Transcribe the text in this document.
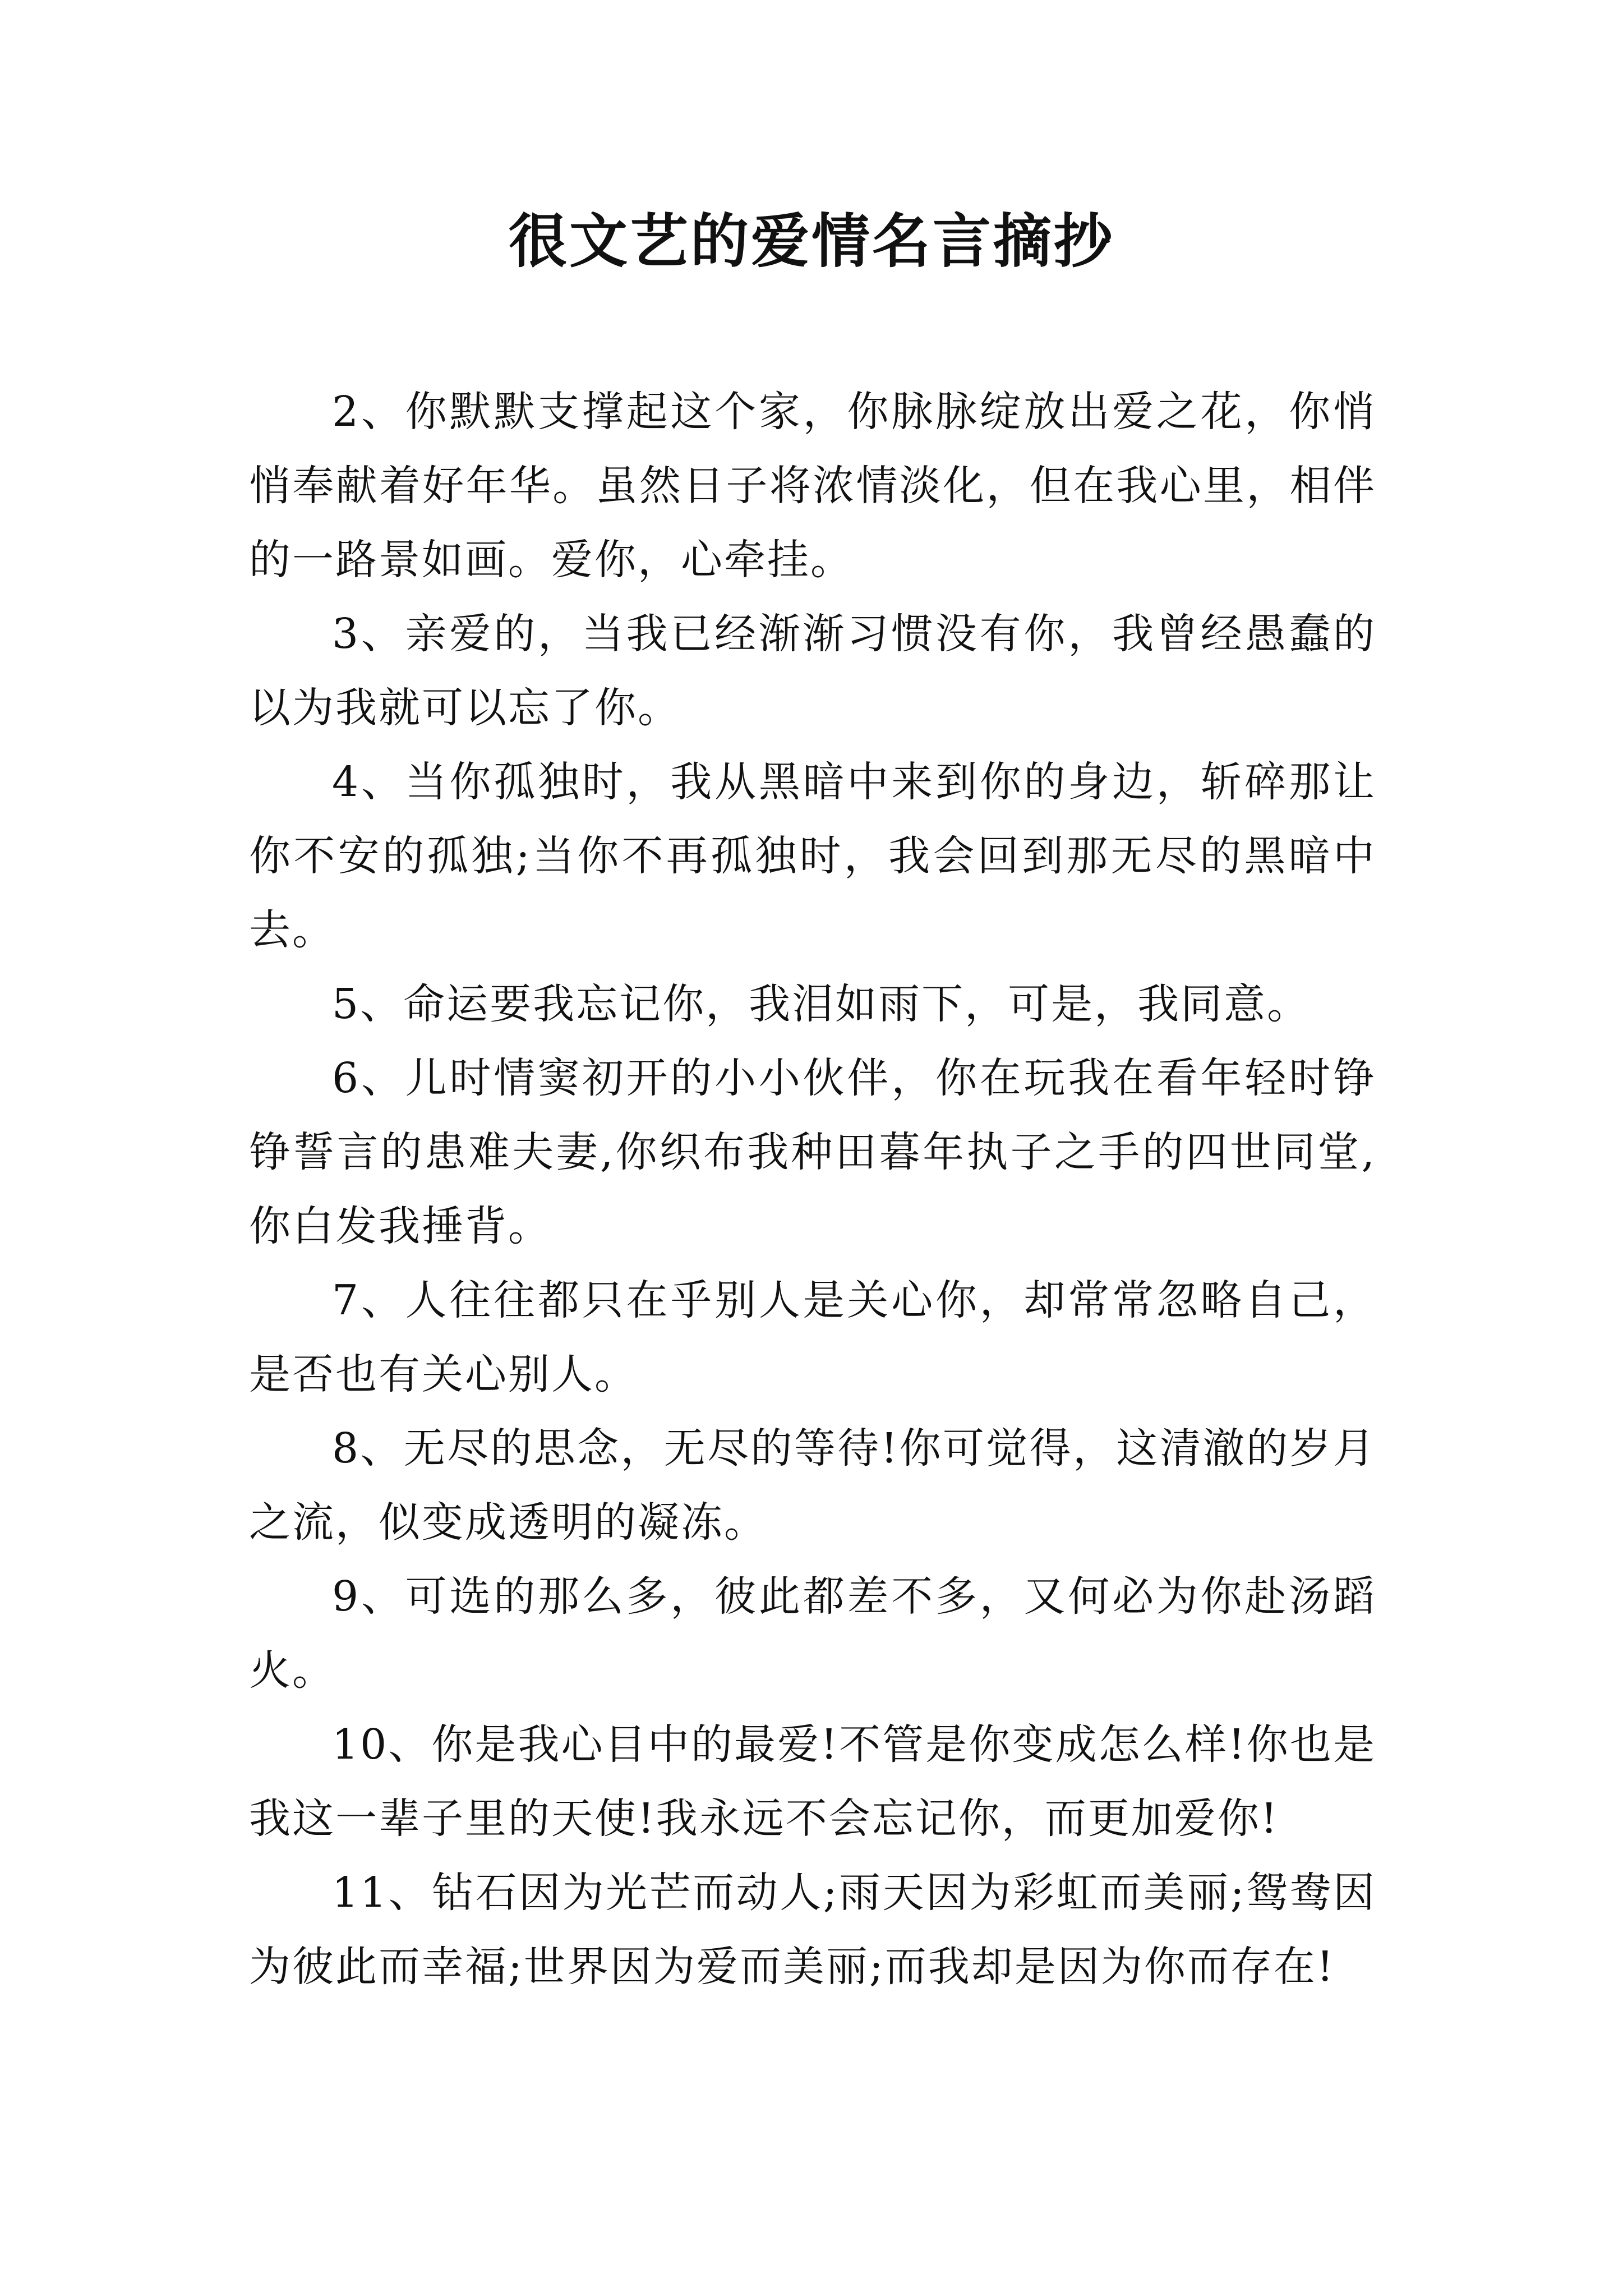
很文艺的爱情名言摘抄

2、你默默支撑起这个家，你脉脉绽放出爱之花，你悄悄奉献着好年华。虽然日子将浓情淡化，但在我心里，相伴的一路景如画。爱你，心牵挂。

3、亲爱的，当我已经渐渐习惯没有你，我曾经愚蠢的以为我就可以忘了你。

4、当你孤独时，我从黑暗中来到你的身边，斩碎那让你不安的孤独;当你不再孤独时，我会回到那无尽的黑暗中去。

5、命运要我忘记你，我泪如雨下，可是，我同意。

6、儿时情窦初开的小小伙伴，你在玩我在看年轻时铮铮誓言的患难夫妻,你织布我种田暮年执子之手的四世同堂,你白发我捶背。

7、人往往都只在乎别人是关心你，却常常忽略自己，是否也有关心别人。

8、无尽的思念，无尽的等待!你可觉得，这清澈的岁月之流，似变成透明的凝冻。

9、可选的那么多，彼此都差不多，又何必为你赴汤蹈火。

10、你是我心目中的最爱!不管是你变成怎么样!你也是我这一辈子里的天使!我永远不会忘记你，而更加爱你!

11、钻石因为光芒而动人;雨天因为彩虹而美丽;鸳鸯因为彼此而幸福;世界因为爱而美丽;而我却是因为你而存在!
